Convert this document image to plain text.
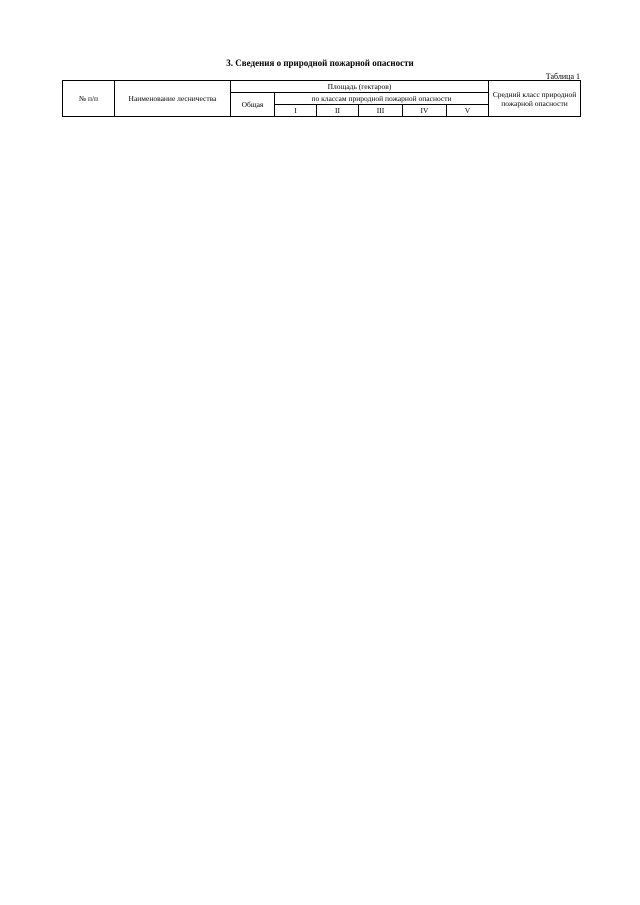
3. Сведения о природной пожарной опасности
Таблица 1
№ п/п	Наименование лесничества	Площадь (гектаров)						Средний класс природной пожарной опасности
		Общая	по классам природной пожарной опасности					
			I	II	III	IV	V	
